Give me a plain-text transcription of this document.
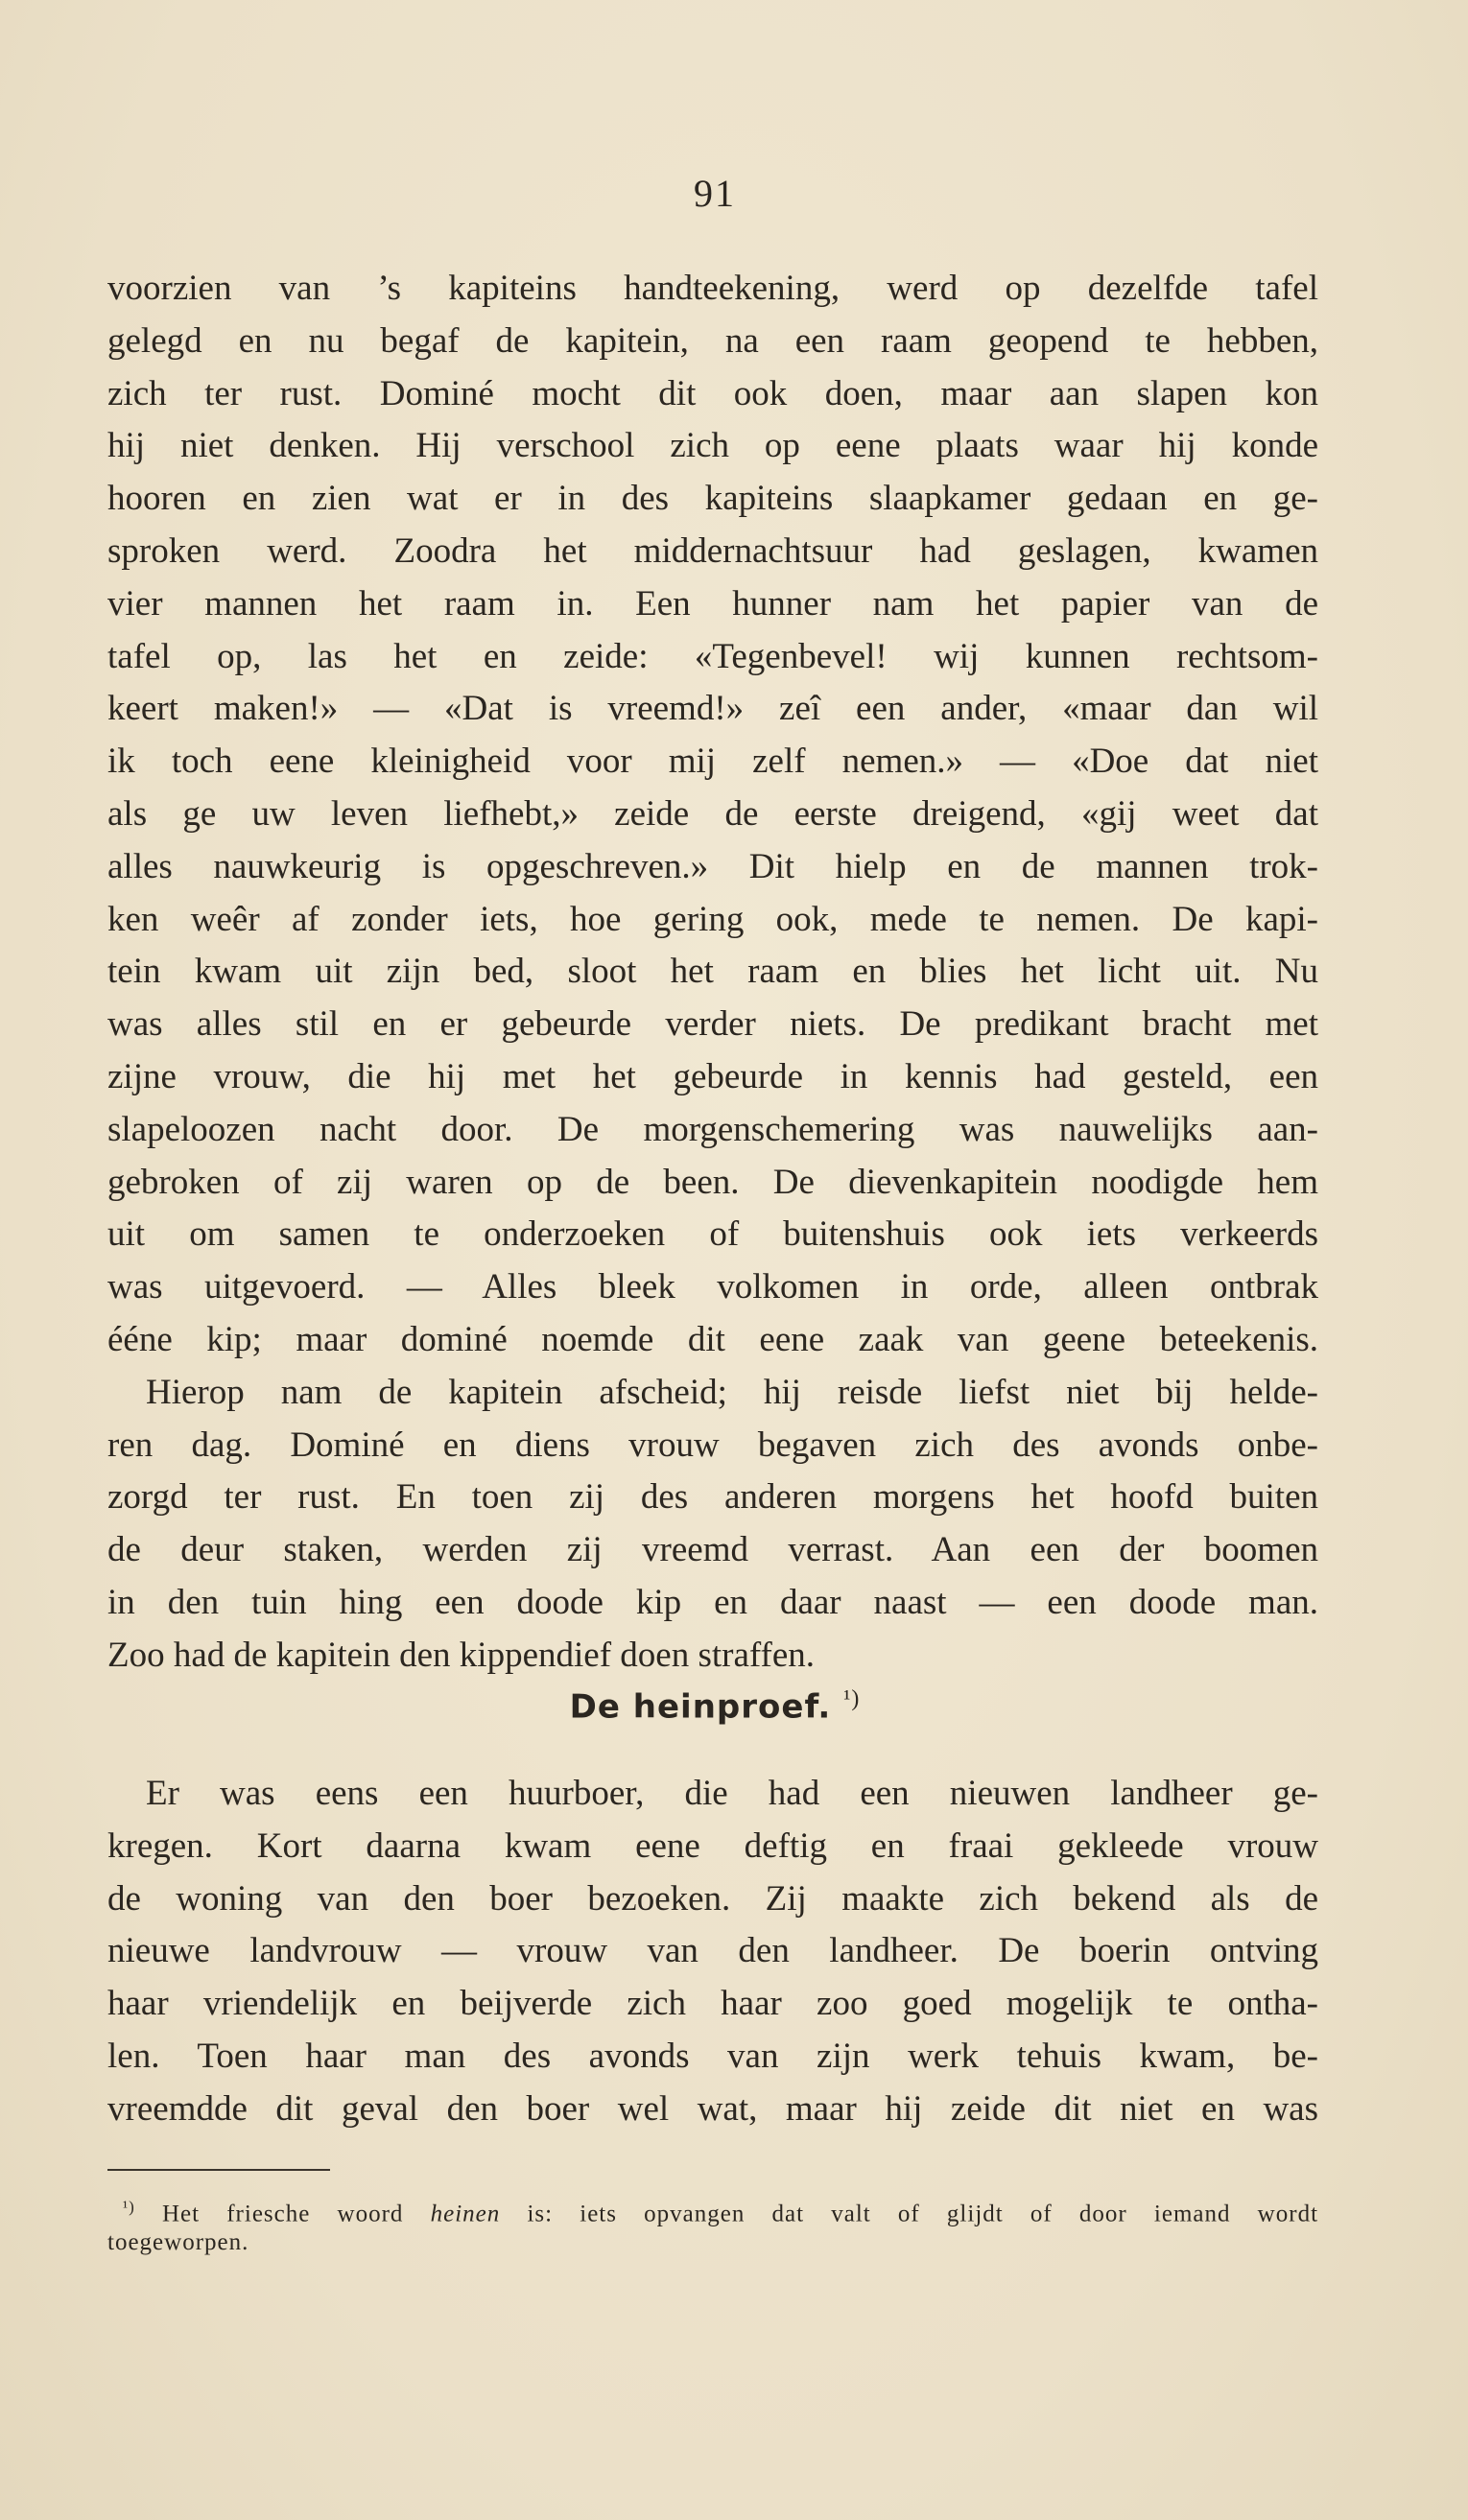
91
voorzien van ’s kapiteins handteekening, werd op dezelfde tafel
gelegd en nu begaf de kapitein, na een raam geopend te hebben,
zich ter rust. Dominé mocht dit ook doen, maar aan slapen kon
hij niet denken. Hij verschool zich op eene plaats waar hij konde
hooren en zien wat er in des kapiteins slaapkamer gedaan en ge-
sproken werd. Zoodra het middernachtsuur had geslagen, kwamen
vier mannen het raam in. Een hunner nam het papier van de
tafel op, las het en zeide: «Tegenbevel! wij kunnen rechtsom-
keert maken!» — «Dat is vreemd!» zeî een ander, «maar dan wil
ik toch eene kleinigheid voor mij zelf nemen.» — «Doe dat niet
als ge uw leven liefhebt,» zeide de eerste dreigend, «gij weet dat
alles nauwkeurig is opgeschreven.» Dit hielp en de mannen trok-
ken weêr af zonder iets, hoe gering ook, mede te nemen. De kapi-
tein kwam uit zijn bed, sloot het raam en blies het licht uit. Nu
was alles stil en er gebeurde verder niets. De predikant bracht met
zijne vrouw, die hij met het gebeurde in kennis had gesteld, een
slapeloozen nacht door. De morgenschemering was nauwelijks aan-
gebroken of zij waren op de been. De dievenkapitein noodigde hem
uit om samen te onderzoeken of buitenshuis ook iets verkeerds
was uitgevoerd. — Alles bleek volkomen in orde, alleen ontbrak
ééne kip; maar dominé noemde dit eene zaak van geene beteekenis.
Hierop nam de kapitein afscheid; hij reisde liefst niet bij helde-
ren dag. Dominé en diens vrouw begaven zich des avonds onbe-
zorgd ter rust. En toen zij des anderen morgens het hoofd buiten
de deur staken, werden zij vreemd verrast. Aan een der boomen
in den tuin hing een doode kip en daar naast — een doode man.
Zoo had de kapitein den kippendief doen straffen.
De heinproef. $^{^1)}$
Er was eens een huurboer, die had een nieuwen landheer ge-
kregen. Kort daarna kwam eene deftig en fraai gekleede vrouw
de woning van den boer bezoeken. Zij maakte zich bekend als de
nieuwe landvrouw — vrouw van den landheer. De boerin ontving
haar vriendelijk en beijverde zich haar zoo goed mogelijk te ontha-
len. Toen haar man des avonds van zijn werk tehuis kwam, be-
vreemdde dit geval den boer wel wat, maar hij zeide dit niet en was
$^{^1)}$ Het friesche woord heinen is: iets opvangen dat valt of glijdt of door iemand wordt
toegeworpen.
